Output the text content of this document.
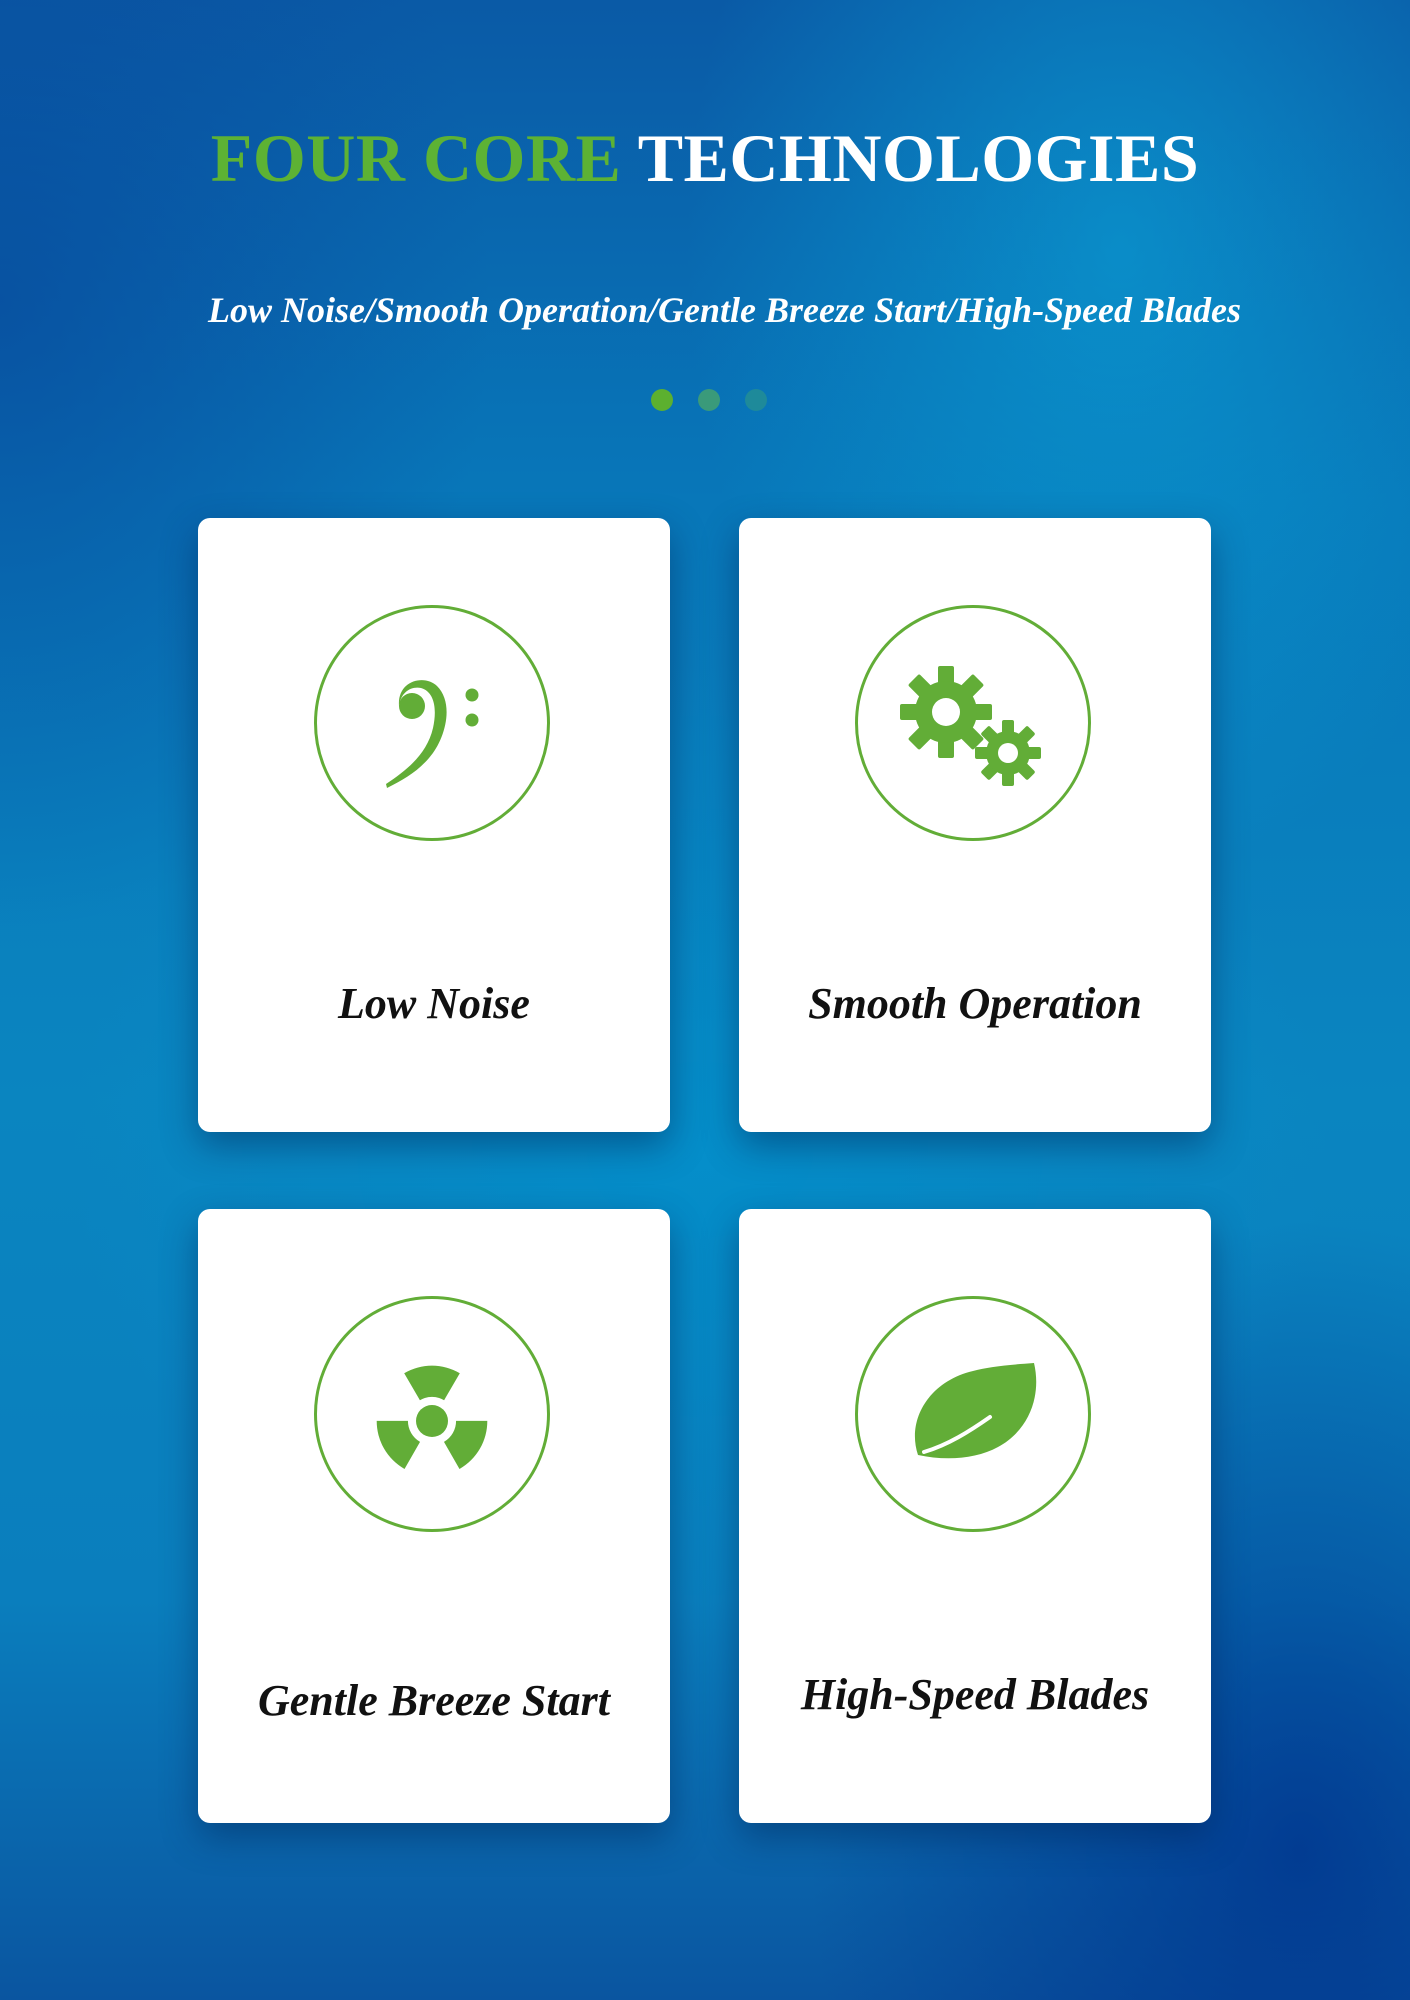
FOUR CORE TECHNOLOGIES

Low Noise/Smooth Operation/Gentle Breeze Start/High-Speed Blades

Low Noise	Smooth Operation
Gentle Breeze Start	High-Speed Blades
